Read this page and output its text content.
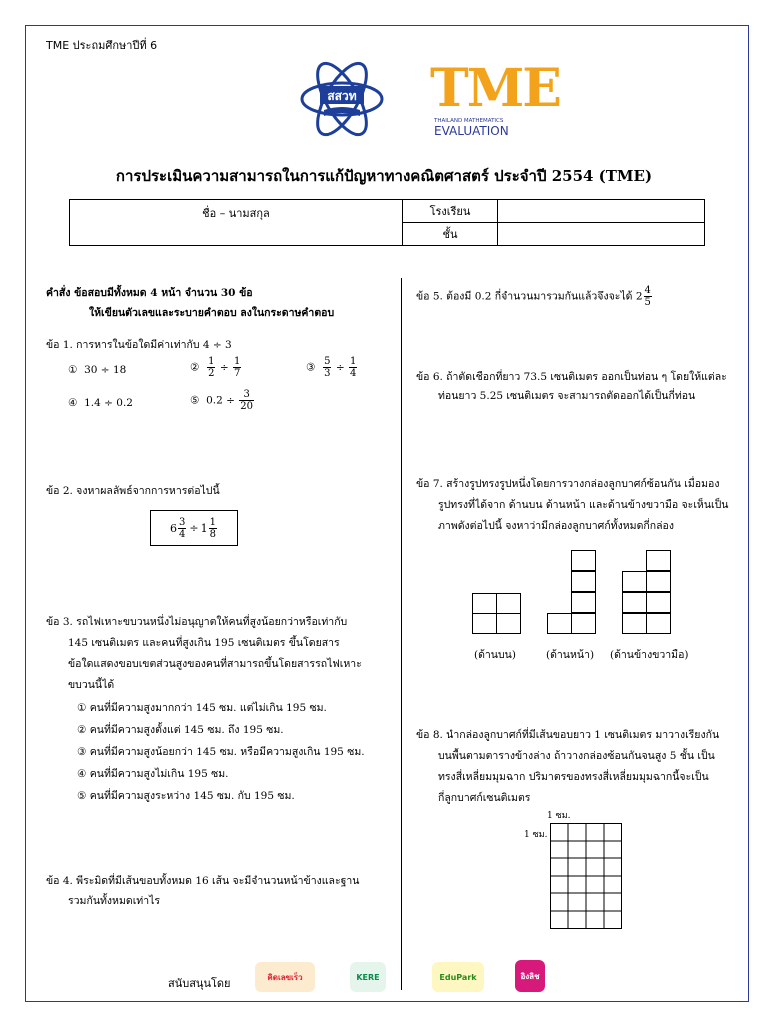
TME ประถมศึกษาปีที่ 6
สสวท TME
THAILAND MATHEMATICS
EVALUATION
การประเมินความสามารถในการแก้ปัญหาทางคณิตศาสตร์ ประจำปี 2554 (TME)
ชื่อ – นามสกุล	โรงเรียน	
	ชั้น	
คำสั่ง ข้อสอบมีทั้งหมด 4 หน้า จำนวน 30 ข้อ
ให้เขียนตัวเลขและระบายคำตอบ ลงในกระดาษคำตอบ
ข้อ 1. การหารในข้อใดมีค่าเท่ากับ 4 ÷ 3
① 30 ÷ 18	② $\frac{1}{2} \div \frac{1}{7}$	③ $\frac{5}{3} \div \frac{1}{4}$
④ 1.4 ÷ 0.2	⑤ $0.2 \div \frac{3}{20}$
ข้อ 2. จงหาผลลัพธ์จากการหารต่อไปนี้
$6 \frac{3}{4} \div 1 \frac{1}{8}$
ข้อ 3. รถไฟเหาะขบวนหนึ่งไม่อนุญาตให้คนที่สูงน้อยกว่าหรือเท่ากับ
145 เซนติเมตร และคนที่สูงเกิน 195 เซนติเมตร ขึ้นโดยสาร
ข้อใดแสดงขอบเขตส่วนสูงของคนที่สามารถขึ้นโดยสารรถไฟเหาะ
ขบวนนี้ได้
① คนที่มีความสูงมากกว่า 145 ซม. แต่ไม่เกิน 195 ซม.
② คนที่มีความสูงตั้งแต่ 145 ซม. ถึง 195 ซม.
③ คนที่มีความสูงน้อยกว่า 145 ซม. หรือมีความสูงเกิน 195 ซม.
④ คนที่มีความสูงไม่เกิน 195 ซม.
⑤ คนที่มีความสูงระหว่าง 145 ซม. กับ 195 ซม.
ข้อ 4. พีระมิดที่มีเส้นขอบทั้งหมด 16 เส้น จะมีจำนวนหน้าข้างและฐาน
รวมกันทั้งหมดเท่าไร
ข้อ 5. ต้องมี 0.2 กี่จำนวนมารวมกันแล้วจึงจะได้ $2 \frac{4}{5}$
ข้อ 6. ถ้าตัดเชือกที่ยาว 73.5 เซนติเมตร ออกเป็นท่อน ๆ โดยให้แต่ละ
ท่อนยาว 5.25 เซนติเมตร จะสามารถตัดออกได้เป็นกี่ท่อน
ข้อ 7. สร้างรูปทรงรูปหนึ่งโดยการวางกล่องลูกบาศก์ซ้อนกัน เมื่อมอง
รูปทรงที่ได้จาก ด้านบน ด้านหน้า และด้านข้างขวามือ จะเห็นเป็น
ภาพดังต่อไปนี้ จงหาว่ามีกล่องลูกบาศก์ทั้งหมดกี่กล่อง
(ด้านบน)	(ด้านหน้า) (ด้านข้างขวามือ)
ข้อ 8. นำกล่องลูกบาศก์ที่มีเส้นขอบยาว 1 เซนติเมตร มาวางเรียงกัน
บนพื้นตามตารางข้างล่าง ถ้าวางกล่องซ้อนกันจนสูง 5 ชั้น เป็น
ทรงสี่เหลี่ยมมุมฉาก ปริมาตรของทรงสี่เหลี่ยมมุมฉากนี้จะเป็น
กี่ลูกบาศก์เซนติเมตร
1 ซม.
1 ซม.
สนับสนุนโดย	คิดเลขเร็ว	KERE	EduPark	อิงลิช
